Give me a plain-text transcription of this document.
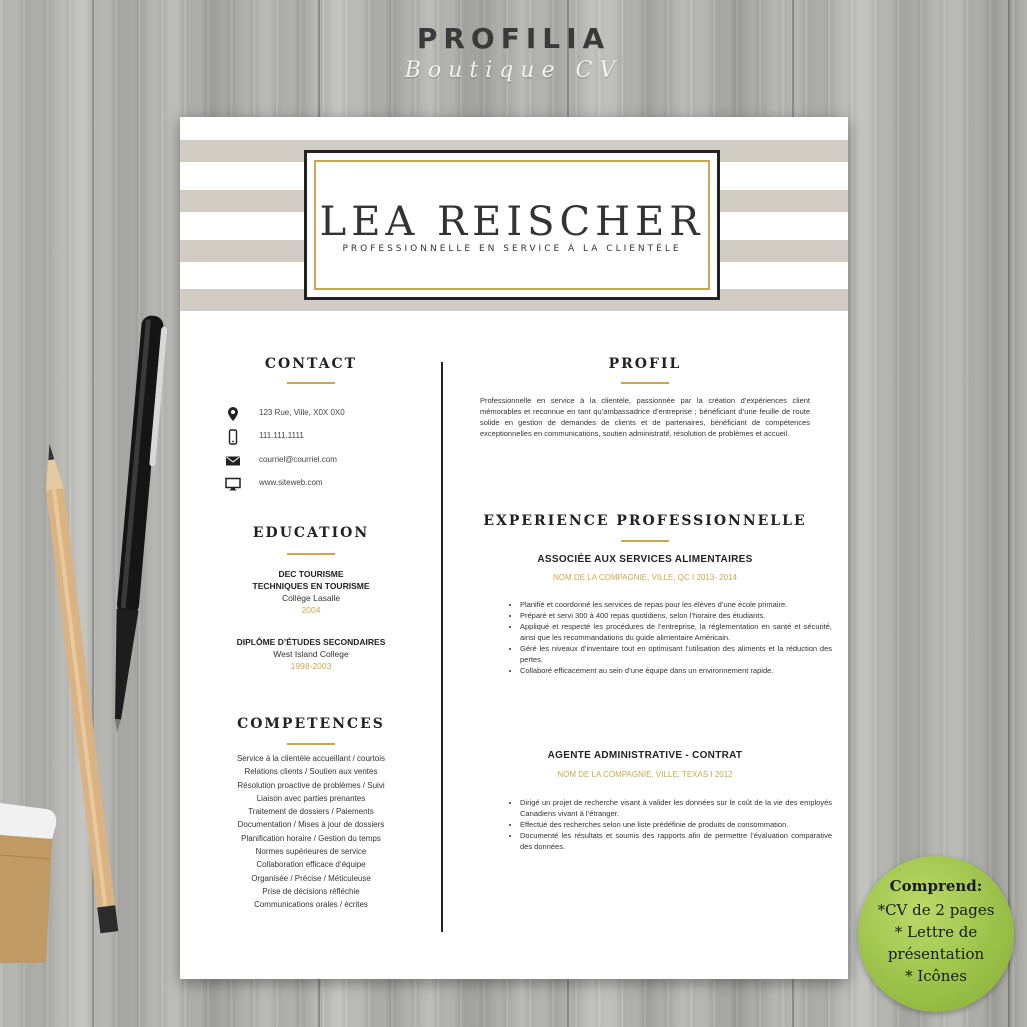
PROFILIA
Boutique CV
LEA REISCHER
PROFESSIONNELLE EN SERVICE À LA CLIENTÈLE
CONTACT
123 Rue, Ville, X0X 0X0
111.111.1111
courriel@courriel.com
www.siteweb.com
EDUCATION
DEC TOURISME
TECHNIQUES EN TOURISME
Collège Lasalle
2004
DIPLÔME D’ÉTUDES SECONDAIRES
West Island College
1998-2003
COMPETENCES
Service à la clientèle accueillant / courtois
Relations clients / Soutien aux ventes
Résolution proactive de problèmes / Suivi
Liaison avec parties prenantes
Traitement de dossiers / Paiements
Documentation / Mises à jour de dossiers
Planification horaire / Gestion du temps
Normes supérieures de service
Collaboration efficace d’équipe
Organisée / Précise / Méticuleuse
Prise de décisions réfléchie
Communications orales / écrites
PROFIL
Professionnelle en service à la clientèle, passionnée par la création d’expériences client mémorables et reconnue en tant qu’ambassadrice d’entreprise ; bénéficiant d’une feuille de route solide en gestion de demandes de clients et de partenaires, bénéficiant de compétences exceptionnelles en communications, soutien administratif, résolution de problèmes et accueil.
EXPERIENCE PROFESSIONNELLE
ASSOCIÉE AUX SERVICES ALIMENTAIRES
NOM DE LA COMPAGNIE, VILLE, QC I 2013- 2014
• Planifié et coordonné les services de repas pour les élèves d’une école primaire.
• Préparé et servi 300 à 400 repas quotidiens, selon l’horaire des étudiants.
• Appliqué et respecté les procédures de l’entreprise, la réglementation en santé et sécurité, ainsi que les recommandations du guide alimentaire Américain.
• Géré les niveaux d’inventaire tout en optimisant l’utilisation des aliments et la réduction des pertes.
• Collaboré efficacement au sein d’une équipe dans un environnement rapide.
AGENTE ADMINISTRATIVE - CONTRAT
NOM DE LA COMPAGNIE, VILLE, TEXAS I 2012
• Dirigé un projet de recherche visant à valider les données sur le coût de la vie des employés Canadiens vivant à l’étranger.
• Effectué des recherches selon une liste prédéfinie de produits de consommation.
• Documenté les résultats et soumis des rapports afin de permettre l’évaluation comparative des données.
Comprend:
*CV de 2 pages
* Lettre de
présentation
* Icônes
